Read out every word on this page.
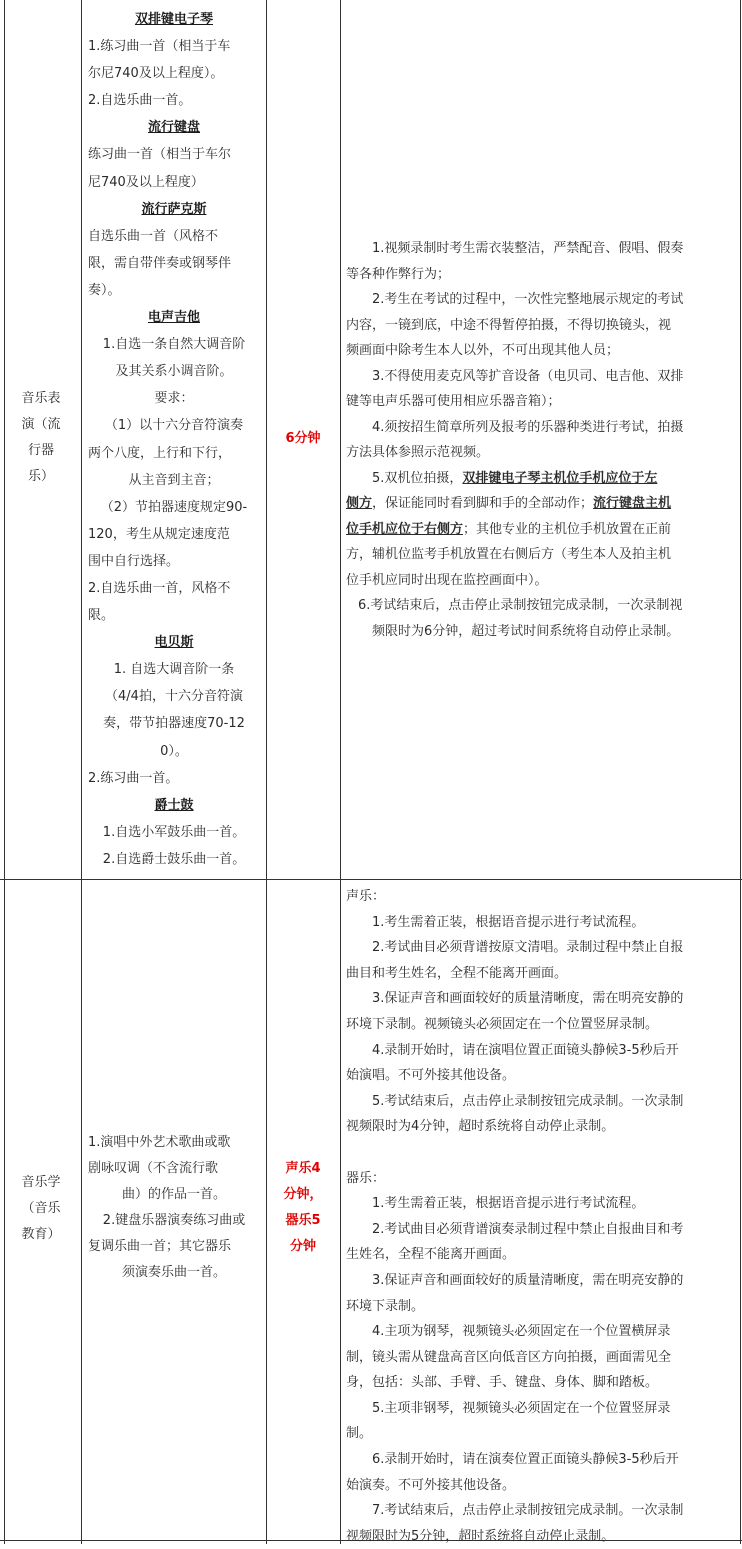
音乐表

演（流

行器

乐）

双排键电子琴

1.练习曲一首（相当于车

尔尼740及以上程度）。

2.自选乐曲一首。

流行键盘

练习曲一首（相当于车尔

尼740及以上程度）

流行萨克斯

自选乐曲一首（风格不

限，需自带伴奏或钢琴伴

奏）。

电声吉他

1.自选一条自然大调音阶

及其关系小调音阶。

要求：

（1）以十六分音符演奏

两个八度，上行和下行，

从主音到主音；

（2）节拍器速度规定90-

120，考生从规定速度范

围中自行选择。

2.自选乐曲一首，风格不

限。

电贝斯

1. 自选大调音阶一条

（4/4拍，十六分音符演

奏，带节拍器速度70-12

0）。

2.练习曲一首。

爵士鼓

1.自选小军鼓乐曲一首。

2.自选爵士鼓乐曲一首。

6分钟

1.视频录制时考生需衣装整洁，严禁配音、假唱、假奏

等各种作弊行为；

2.考生在考试的过程中，一次性完整地展示规定的考试

内容，一镜到底，中途不得暂停拍摄，不得切换镜头，视

频画面中除考生本人以外，不可出现其他人员；

3.不得使用麦克风等扩音设备（电贝司、电吉他、双排

键等电声乐器可使用相应乐器音箱）；

4.须按招生简章所列及报考的乐器种类进行考试，拍摄

方法具体参照示范视频。

5.双机位拍摄，双排键电子琴主机位手机应位于左

侧方，保证能同时看到脚和手的全部动作；流行键盘主机

位手机应位于右侧方；其他专业的主机位手机放置在正前

方，辅机位监考手机放置在右侧后方（考生本人及拍主机

位手机应同时出现在监控画面中）。

6.考试结束后，点击停止录制按钮完成录制，一次录制视

频限时为6分钟，超过考试时间系统将自动停止录制。

音乐学

（音乐

教育）

1.演唱中外艺术歌曲或歌

剧咏叹调（不含流行歌

曲）的作品一首。

2.键盘乐器演奏练习曲或

复调乐曲一首；其它器乐

须演奏乐曲一首。

声乐4

分钟，

器乐5

分钟

声乐：

1.考生需着正装，根据语音提示进行考试流程。

2.考试曲目必须背谱按原文清唱。录制过程中禁止自报

曲目和考生姓名，全程不能离开画面。

3.保证声音和画面较好的质量清晰度，需在明亮安静的

环境下录制。视频镜头必须固定在一个位置竖屏录制。

4.录制开始时，请在演唱位置正面镜头静候3-5秒后开

始演唱。不可外接其他设备。

5.考试结束后，点击停止录制按钮完成录制。一次录制

视频限时为4分钟，超时系统将自动停止录制。

器乐：

1.考生需着正装，根据语音提示进行考试流程。

2.考试曲目必须背谱演奏录制过程中禁止自报曲目和考

生姓名，全程不能离开画面。

3.保证声音和画面较好的质量清晰度，需在明亮安静的

环境下录制。

4.主项为钢琴，视频镜头必须固定在一个位置横屏录

制，镜头需从键盘高音区向低音区方向拍摄，画面需见全

身，包括：头部、手臂、手、键盘、身体、脚和踏板。

5.主项非钢琴，视频镜头必须固定在一个位置竖屏录

制。

6.录制开始时，请在演奏位置正面镜头静候3-5秒后开

始演奏。不可外接其他设备。

7.考试结束后，点击停止录制按钮完成录制。一次录制

视频限时为5分钟，超时系统将自动停止录制。
